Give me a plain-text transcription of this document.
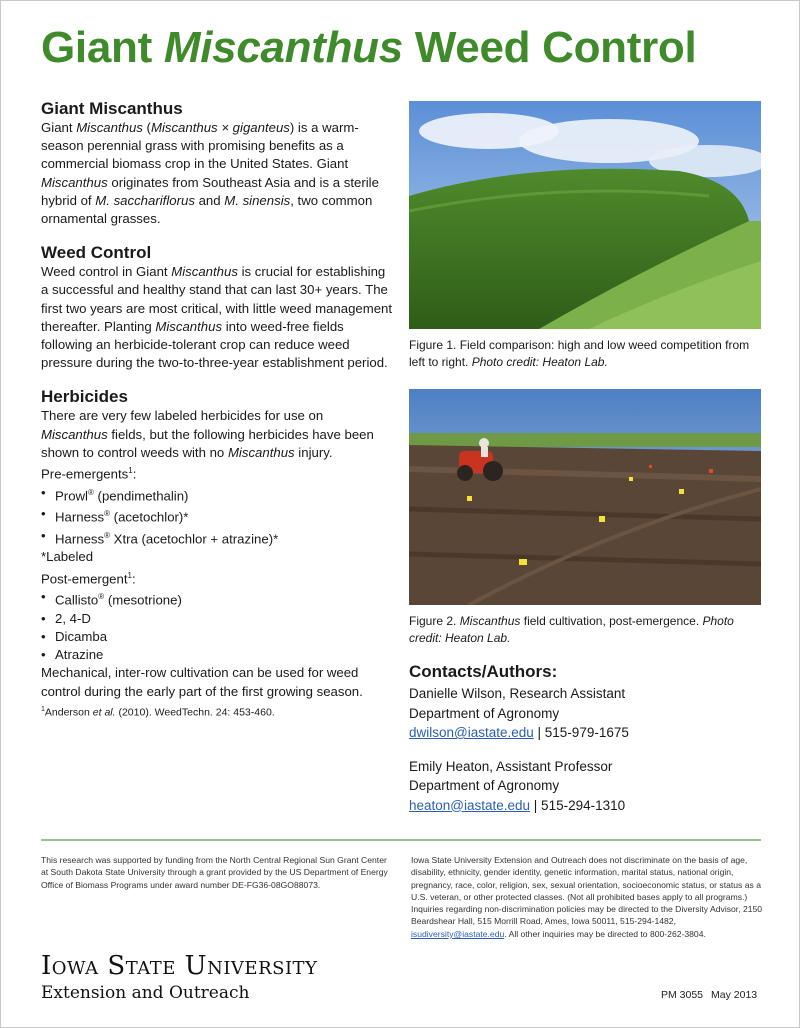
Giant Miscanthus Weed Control
Giant Miscanthus

Giant Miscanthus (Miscanthus × giganteus) is a warm-season perennial grass with promising benefits as a commercial biomass crop in the United States. Giant Miscanthus originates from Southeast Asia and is a sterile hybrid of M. sacchariflorus and M. sinensis, two common ornamental grasses.

Weed Control

Weed control in Giant Miscanthus is crucial for establishing a successful and healthy stand that can last 30+ years. The first two years are most critical, with little weed management thereafter. Planting Miscanthus into weed-free fields following an herbicide-tolerant crop can reduce weed pressure during the two-to-three-year establishment period.

Herbicides

There are very few labeled herbicides for use on Miscanthus fields, but the following herbicides have been shown to control weeds with no Miscanthus injury.

Pre-emergents$^1$:

• Prowl® (pendimethalin)
• Harness® (acetochlor)*
• Harness® Xtra (acetochlor + atrazine)*

*Labeled

Post-emergent$^1$:

• Callisto® (mesotrione)
• 2, 4-D
• Dicamba
• Atrazine

Mechanical, inter-row cultivation can be used for weed control during the early part of the first growing season.

$^1$Anderson et al. (2010). WeedTechn. 24: 453-460.

Figure 1. Field comparison: high and low weed competition from left to right. Photo credit: Heaton Lab.

Figure 2. Miscanthus field cultivation, post-emergence. Photo credit: Heaton Lab.

Contacts/Authors:

Danielle Wilson, Research Assistant

Department of Agronomy

dwilson@iastate.edu | 515-979-1675

Emily Heaton, Assistant Professor

Department of Agronomy

heaton@iastate.edu | 515-294-1310

This research was supported by funding from the North Central Regional Sun Grant Center at South Dakota State University through a grant provided by the US Department of Energy Office of Biomass Programs under award number DE-FG36-08GO88073.

Iowa State University Extension and Outreach does not discriminate on the basis of age, disability, ethnicity, gender identity, genetic information, marital status, national origin, pregnancy, race, color, religion, sex, sexual orientation, socioeconomic status, or status as a U.S. veteran, or other protected classes. (Not all prohibited bases apply to all programs.) Inquiries regarding non-discrimination policies may be directed to the Diversity Advisor, 2150 Beardshear Hall, 515 Morrill Road, Ames, Iowa 50011, 515-294-1482, isudiversity@iastate.edu. All other inquiries may be directed to 800-262-3804.

Iowa State University
Extension and Outreach	PM 3055 May 2013
